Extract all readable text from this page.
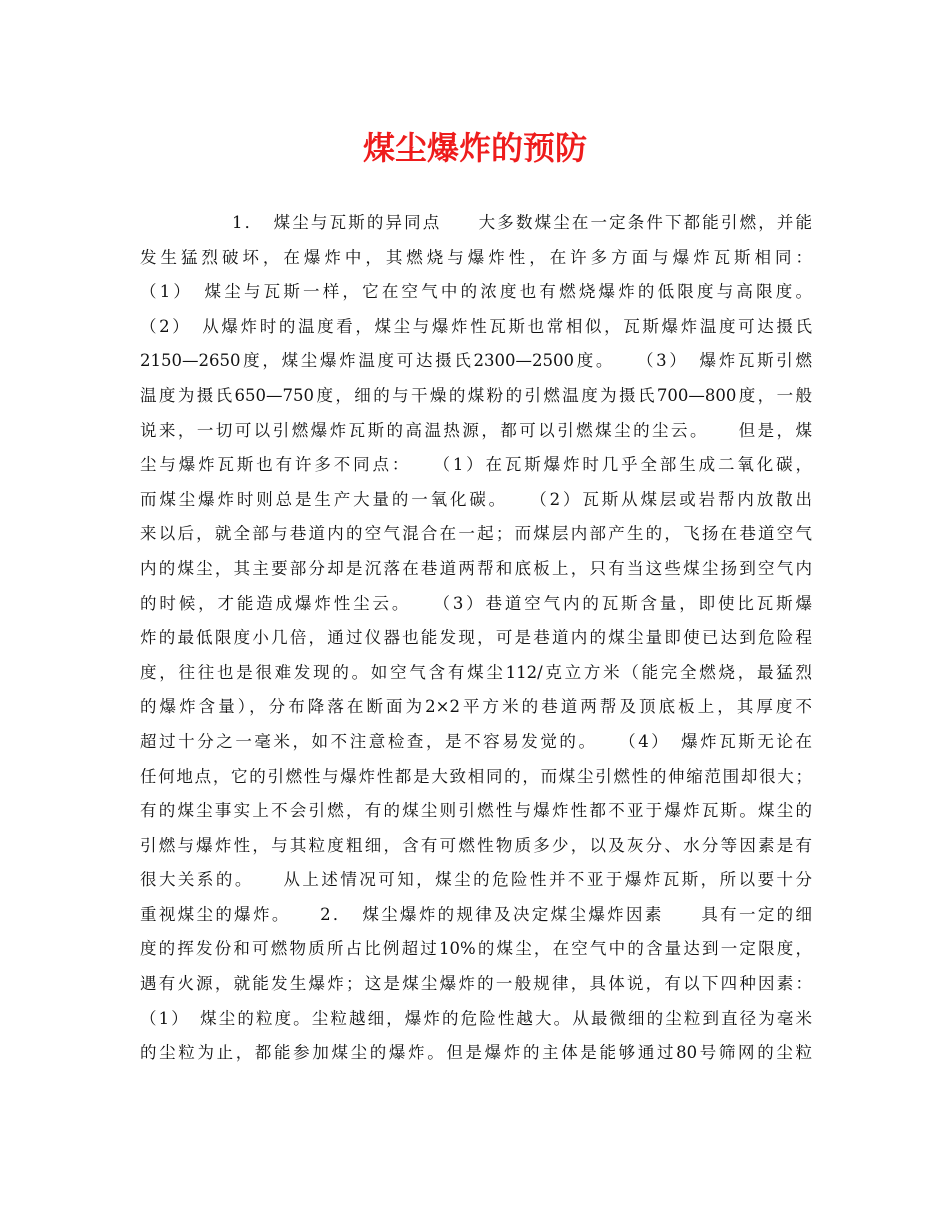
煤尘爆炸的预防
1．　煤尘与瓦斯的异同点　　大多数煤尘在一定条件下都能引燃，并能
发生猛烈破坏，在爆炸中，其燃烧与爆炸性，在许多方面与爆炸瓦斯相同：
（1）　煤尘与瓦斯一样，它在空气中的浓度也有燃烧爆炸的低限度与高限度。
（2）　从爆炸时的温度看，煤尘与爆炸性瓦斯也常相似，瓦斯爆炸温度可达摄氏
2150—2650度，煤尘爆炸温度可达摄氏2300—2500度。　　（3）　爆炸瓦斯引燃
温度为摄氏650—750度，细的与干燥的煤粉的引燃温度为摄氏700—800度，一般
说来，一切可以引燃爆炸瓦斯的高温热源，都可以引燃煤尘的尘云。　　但是，煤
尘与爆炸瓦斯也有许多不同点：　　（1）在瓦斯爆炸时几乎全部生成二氧化碳，
而煤尘爆炸时则总是生产大量的一氧化碳。　　（2）瓦斯从煤层或岩帮内放散出
来以后，就全部与巷道内的空气混合在一起；而煤层内部产生的，飞扬在巷道空气
内的煤尘，其主要部分却是沉落在巷道两帮和底板上，只有当这些煤尘扬到空气内
的时候，才能造成爆炸性尘云。　　（3）巷道空气内的瓦斯含量，即使比瓦斯爆
炸的最低限度小几倍，通过仪器也能发现，可是巷道内的煤尘量即使已达到危险程
度，往往也是很难发现的。如空气含有煤尘112/克立方米（能完全燃烧，最猛烈
的爆炸含量），分布降落在断面为2×2平方米的巷道两帮及顶底板上，其厚度不
超过十分之一毫米，如不注意检查，是不容易发觉的。　　（4）　爆炸瓦斯无论在
任何地点，它的引燃性与爆炸性都是大致相同的，而煤尘引燃性的伸缩范围却很大；
有的煤尘事实上不会引燃，有的煤尘则引燃性与爆炸性都不亚于爆炸瓦斯。煤尘的
引燃与爆炸性，与其粒度粗细，含有可燃性物质多少，以及灰分、水分等因素是有
很大关系的。　　从上述情况可知，煤尘的危险性并不亚于爆炸瓦斯，所以要十分
重视煤尘的爆炸。　　2．　煤尘爆炸的规律及决定煤尘爆炸因素　　具有一定的细
度的挥发份和可燃物质所占比例超过10%的煤尘，在空气中的含量达到一定限度，
遇有火源，就能发生爆炸；这是煤尘爆炸的一般规律，具体说，有以下四种因素：
（1）　煤尘的粒度。尘粒越细，爆炸的危险性越大。从最微细的尘粒到直径为毫米
的尘粒为止，都能参加煤尘的爆炸。但是爆炸的主体是能够通过80号筛网的尘粒
